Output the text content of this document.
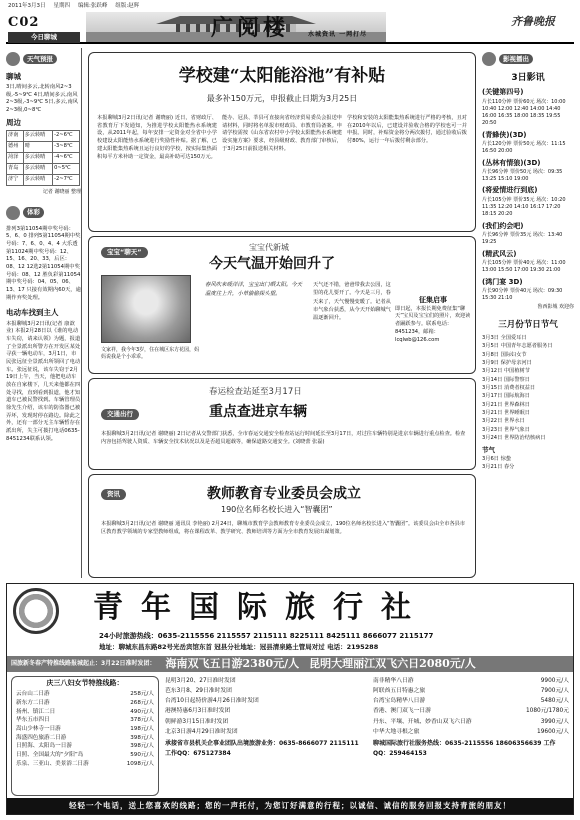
2011年3月3日 星期四 编辑:张跃峰 组版:赵辉
C02
今日聊城	广阅楼	水城资讯 一网打尽
齐鲁晚报
天气预报
聊城

3日,晴间多云,北转南风2~3级,-5~9℃ 4日,晴间多云,南风2~3级,-3~9℃ 5日,多云,南风2~3级,0~8℃

周边
济南	多云转晴	-2~6℃
德州	晴	-3~8℃
菏泽	多云转晴	-4~6℃
青岛	多云转晴	0~5℃
济宁	多云转晴	-2~7℃
记者 谢晓丽 整理
体彩

排列3第11054期中奖号码：5、6、0 排列5第11054期中奖号码：7、6、0、4、4 大乐透第11024期中奖号码：12、15、16、20、33，后区：08、12 12选2第11054期中奖号码：08、12 胜负彩第11054期中奖号码：04、05、06、13、17 只接有效期内60天，逾期作弃奖处理。

电动车找到主人

本报聊城3月2日讯(记者 康歆业) 本报2月28日以《谁的电动车失窃，请来认领》为题，报道了全景派出所警方在开发区某处寻获一辆电动车，3月1日，市民张远征全景派出所领回了电动车。张远征说，该车失窃于2月19日上午，当天，他把电动车放在自家楼下，几天来他都在四处寻找，直到看到报道，他才知道车已被民警找到。车辆管理员徐先生介绍，该车的防盗器已被弄坏，发现时停在路边。除此之外，还有一部分无主车辆暂存在派出所，失主可拨打电话0635-8451234联系认领。

学校建“太阳能浴池”有补贴
最多补150万元，申报截止日期为3月25日
本报聊城3月2日讯(记者 谢晓丽) 近日，省财政厅、省教育厅下发通知，为推进学校太阳能热水系统建设，从2011年起，每年安排一定资金对全省中小学校建设太阳能热水系统进行奖励性补贴。据了解，已建太阳能集热系统且运行良好的学校，按实际集热面积每平方米补助一定资金，最高补助可达150万元。
能办、冠县、莘县可直接向省经济贸易委员会报送申请材料，同时将名单报市财政局、市教育局备案。申请学校需按《山东省农村中小学校太阳能热水系统建设实施方案》要求，经县级财政、教育部门审核后，于3月25日前报送相关材料。
学校和安装的太阳能集热系统进行严格的考核，且对在2010年以后，已建设并验收合格的学校也可一并申报。同时，补贴资金将分两次拨付，通过验收后拨付80%，运行一年后拨付剩余部分。
宝宝代新城
今天气温开始回升了
宝宝“聊天”
文家祥，我今年3岁，住在城区东方花园，妈妈说我是个小乖乖。
春风吹来暖洋洋，宝宝出门晒太阳。今天温度往上升，小草偷偷探头望。
天气还不错，爸爸带我去公园，这里的花儿要开了。今天是三月，春天来了，天气慢慢变暖了。记者从市气象台获悉，从今天开始聊城气温逐渐回升。
征集启事
即日起，本报长期免费征集“聊天”宝贝及宝宝们的照片，欢迎读者踊跃参与。联系电话：8451234，邮箱：lcqlwb@126.com
交通出行
春运检查站延至3月17日
重点查进京车辆
本报聊城3月2日讯(记者 谢晓丽) 2日记者从交警部门获悉，全市春运交通安全检查站运行时间延长至3月17日，对过往车辆特别是进京车辆进行重点检查。检查内容包括驾驶人资质、车辆安全技术状况以及是否超员超载等，确保道路交通安全。(刘晓蕾 张磊)
资讯	教师教育专业委员会成立
190位名师名校长进入“智囊团”
本报聊城3月2日讯(记者 谢晓丽 通讯员 李艳丽) 2月24日，聊城市教育学会教师教育专业委员会成立，190位名师名校长进入“智囊团”。该委员会由全市各县市区教育教学领域的专家型教师组成，将在课程改革、教学研究、教师培训等方面为全市教育发展出谋划策。
影视播出
3日影讯
(关键第四号)

片长110分钟 票价60元 场次：10:00 10:40 12:00 12:40 14:00 14:40 16:00 16:35 18:00 18:35 19:55 20:50

(青蜂侠)(3D)

片长120分钟 票价50元 场次：11:15 16:50 20:00

(丛林有情狼)(3D)

片长96分钟 票价50元 场次：09:35 13:25 15:10 19:00

(将爱情进行到底)

片长105分钟 票价35元 场次：10:20 11:35 12:20 14:10 16:17 17:20 18:15 20:20

(我们约会吧)

片长96分钟 票价35元 场次：13:40 19:25

(精武风云)

片长105分钟 票价40元 场次：11:00 13:00 15:50 17:00 19:30 21:00

(鸿门宴 3D)

片长90分钟 票价40元 场次：09:30 15:30 21:10

鲁西影城 欢迎你

三月份节日节气
3月3日 全国爱耳日
3月5日 中国青年志愿者服务日
3月8日 国际妇女节
3月9日 保护母亲河日
3月12日 中国植树节
3月14日 国际警察日
3月15日 消费者权益日
3月17日 国际航海日
3月21日 世界森林日
3月21日 世界睡眠日
3月22日 世界水日
3月23日 世界气象日
3月24日 世界防治结核病日
节气
3月6日 惊蛰
3月21日 春分
青年国际旅行社
24小时旅游热线：0635-2115556 2115557 2115111 8225111 8425111 8666077 2115177
地址：聊城东昌东路82号光岳宾馆东首 冠县分社地址：冠县清泉路土管局对过 电话：2195288
国旅新冬春产特推线路报城起止：3月22日准时发团： 海南双飞五日游2380元/人 昆明大理丽江双飞六日2080元/人
庆三八妇女节特推线路：
云台山二日游	258元/人
新东方二日游	268元/人
扬州、镇江二日	490元/人
华东五市四日	378元/人
嵩山少林寺一日游	198元/人
海盛四色旅游二日游	398元/人
日照海、太阳岛一日游	398元/人
日照、全国最大的“夕阳”岛	590元/人
乐泉、三亚山、美景浴二日游	1098元/人
昆明3月20、27日准时发团
芭东3月8、29日准时发团
台湾10日起特价游4月26日准时发团
港澳特惠6月3日准时发团
朝鲜游3月15日准时发团
北京3日游4月29日准时发团
承接省市县机关企事业团队出境旅游业务：0635-8666077 2115111 工作QQ：675127384
南非精华八日游	9900元/人
阿联酋五日特惠之旅	7900元/人
台湾宝岛精华八日游	5480元/人
香港、澳门双飞一日游	1080元/1780元
丹东、平壤、开城、妙香山双飞六日游	3990元/人
中华大地寻根之旅	19600元/人
聊城国际旅行社服务热线：0635-2115556 18606356639 工作QQ：259464153
轻轻一个电话，送上您喜欢的线路；您的一声托付，为您订好满意的行程；以诚信、诚信的服务回报支持青旅的朋友！
